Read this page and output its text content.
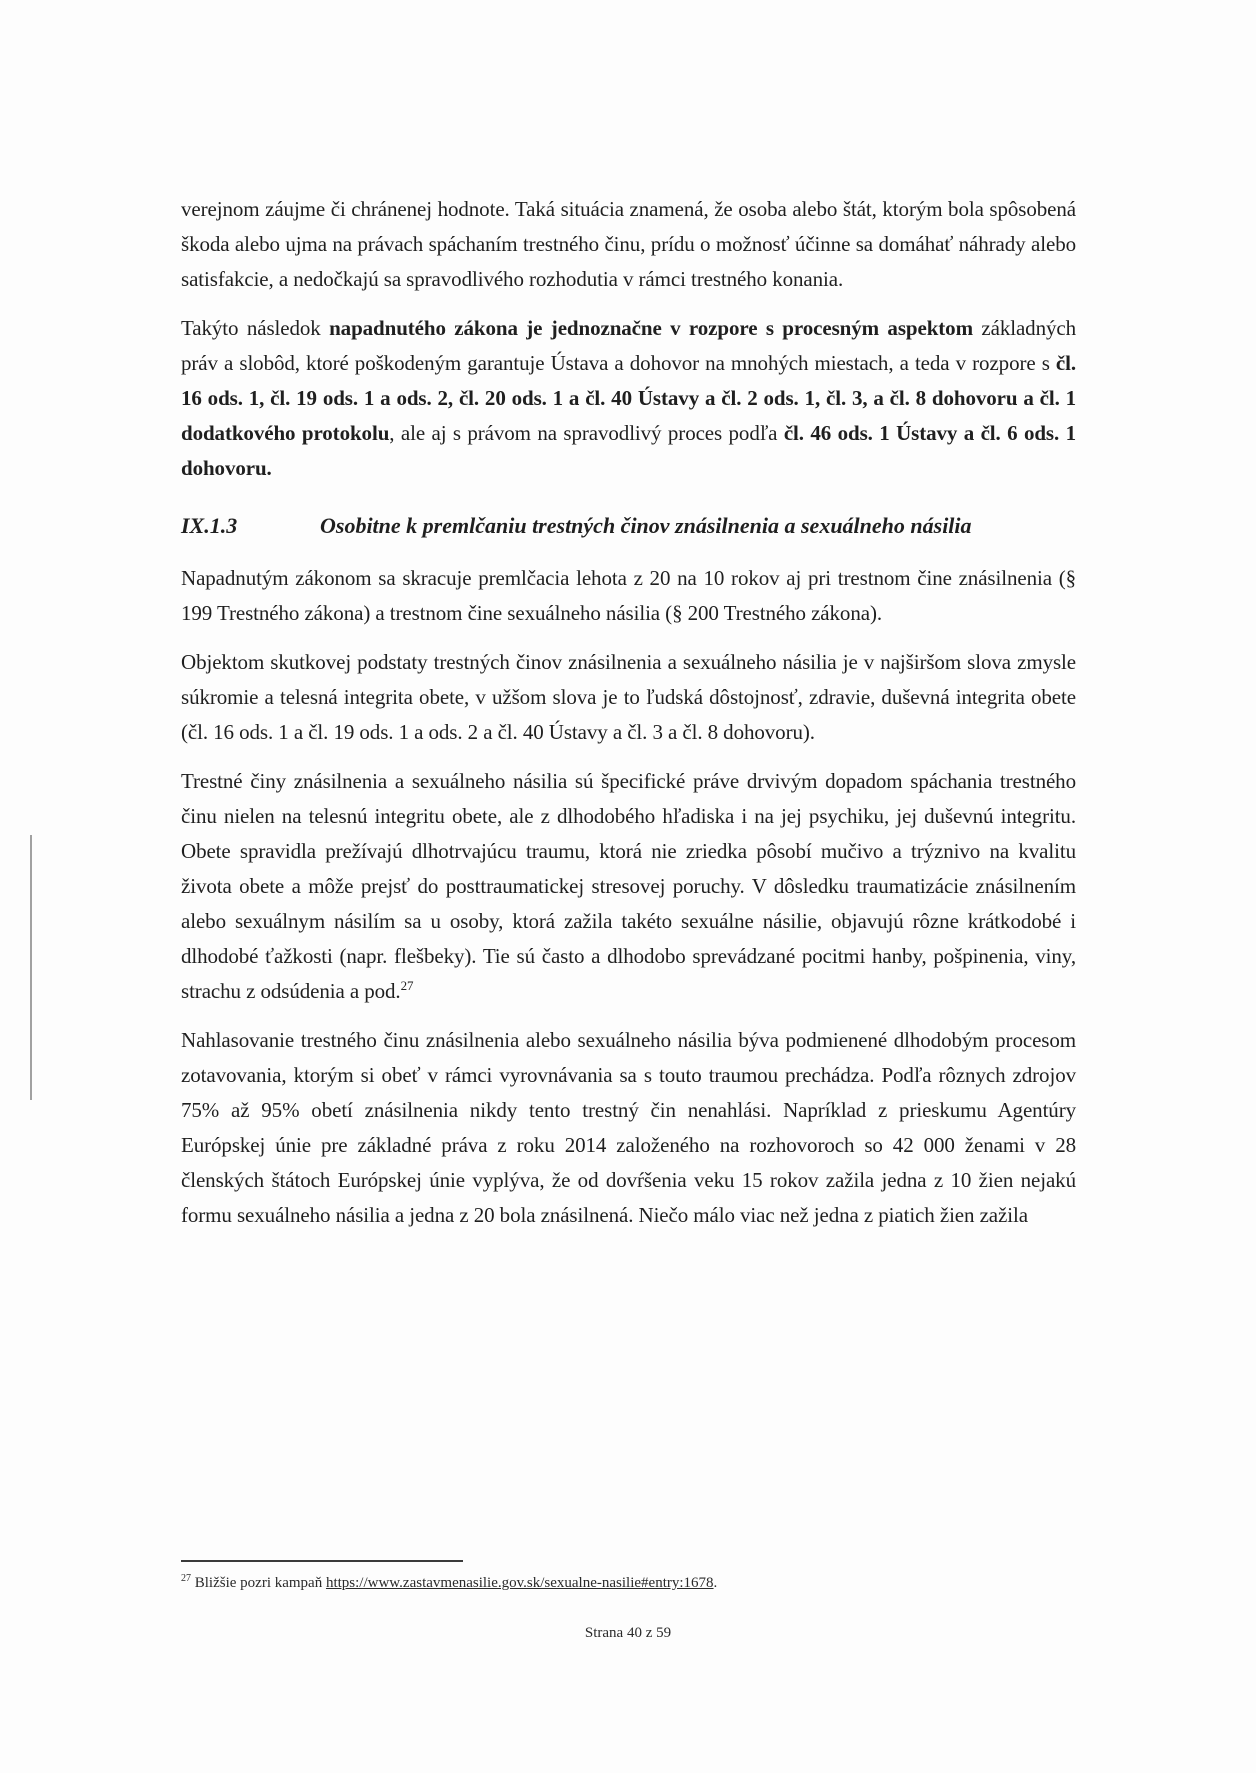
verejnom záujme či chránenej hodnote. Taká situácia znamená, že osoba alebo štát, ktorým bola spôsobená škoda alebo ujma na právach spáchaním trestného činu, prídu o možnosť účinne sa domáhať náhrady alebo satisfakcie, a nedočkajú sa spravodlivého rozhodutia v rámci trestného konania.

Takýto následok napadnutého zákona je jednoznačne v rozpore s procesným aspektom základných práv a slobôd, ktoré poškodeným garantuje Ústava a dohovor na mnohých miestach, a teda v rozpore s čl. 16 ods. 1, čl. 19 ods. 1 a ods. 2, čl. 20 ods. 1 a čl. 40 Ústavy a čl. 2 ods. 1, čl. 3, a čl. 8 dohovoru a čl. 1 dodatkového protokolu, ale aj s právom na spravodlivý proces podľa čl. 46 ods. 1 Ústavy a čl. 6 ods. 1 dohovoru.

IX.1.3	Osobitne k premlčaniu trestných činov znásilnenia a sexuálneho násilia

Napadnutým zákonom sa skracuje premlčacia lehota z 20 na 10 rokov aj pri trestnom čine znásilnenia (§ 199 Trestného zákona) a trestnom čine sexuálneho násilia (§ 200 Trestného zákona).

Objektom skutkovej podstaty trestných činov znásilnenia a sexuálneho násilia je v najširšom slova zmysle súkromie a telesná integrita obete, v užšom slova je to ľudská dôstojnosť, zdravie, duševná integrita obete (čl. 16 ods. 1 a čl. 19 ods. 1 a ods. 2 a čl. 40 Ústavy a čl. 3 a čl. 8 dohovoru).

Trestné činy znásilnenia a sexuálneho násilia sú špecifické práve drvivým dopadom spáchania trestného činu nielen na telesnú integritu obete, ale z dlhodobého hľadiska i na jej psychiku, jej duševnú integritu. Obete spravidla prežívajú dlhotrvajúcu traumu, ktorá nie zriedka pôsobí mučivo a trýznivo na kvalitu života obete a môže prejsť do posttraumatickej stresovej poruchy. V dôsledku traumatizácie znásilnením alebo sexuálnym násilím sa u osoby, ktorá zažila takéto sexuálne násilie, objavujú rôzne krátkodobé i dlhodobé ťažkosti (napr. flešbeky). Tie sú často a dlhodobo sprevádzané pocitmi hanby, pošpinenia, viny, strachu z odsúdenia a pod.$^{27}$

Nahlasovanie trestného činu znásilnenia alebo sexuálneho násilia býva podmienené dlhodobým procesom zotavovania, ktorým si obeť v rámci vyrovnávania sa s touto traumou prechádza. Podľa rôznych zdrojov 75% až 95% obetí znásilnenia nikdy tento trestný čin nenahlási. Napríklad z prieskumu Agentúry Európskej únie pre základné práva z roku 2014 založeného na rozhovoroch so 42 000 ženami v 28 členských štátoch Európskej únie vyplýva, že od dovŕšenia veku 15 rokov zažila jedna z 10 žien nejakú formu sexuálneho násilia a jedna z 20 bola znásilnená. Niečo málo viac než jedna z piatich žien zažila

$^{27}$ Bližšie pozri kampaň https://www.zastavmenasilie.gov.sk/sexualne-nasilie#entry:1678.
Strana 40 z 59
